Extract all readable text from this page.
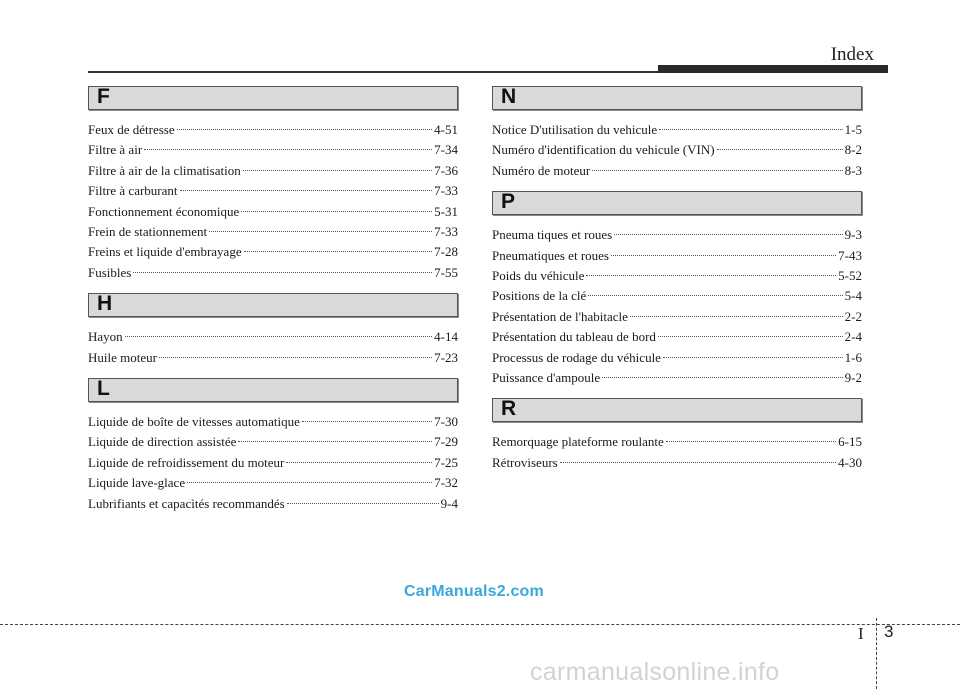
Index
F
Feux de détresse	4-51
Filtre à air	7-34
Filtre à air de la climatisation	7-36
Filtre à carburant	7-33
Fonctionnement économique	5-31
Frein de stationnement	7-33
Freins et liquide d'embrayage	7-28
Fusibles	7-55
H
Hayon	4-14
Huile moteur	7-23
L
Liquide de boîte de vitesses automatique	7-30
Liquide de direction assistée	7-29
Liquide de refroidissement du moteur	7-25
Liquide lave-glace	7-32
Lubrifiants et capacìtés recommandés	9-4
N
Notice D'utilisation du vehicule	1-5
Numéro d'identification du vehicule (VIN)	8-2
Numéro de moteur	8-3
P
Pneuma tiques et roues	9-3
Pneumatiques et roues	7-43
Poids du véhicule	5-52
Positions de la clé	5-4
Présentation de l'habitacle	2-2
Présentation du tableau de bord	2-4
Processus de rodage du véhicule	1-6
Puìssance d'ampoule	9-2
R
Remorquage plateforme roulante	6-15
Rétroviseurs	4-30
CarManuals2.com
I 3
carmanualsonline.info
